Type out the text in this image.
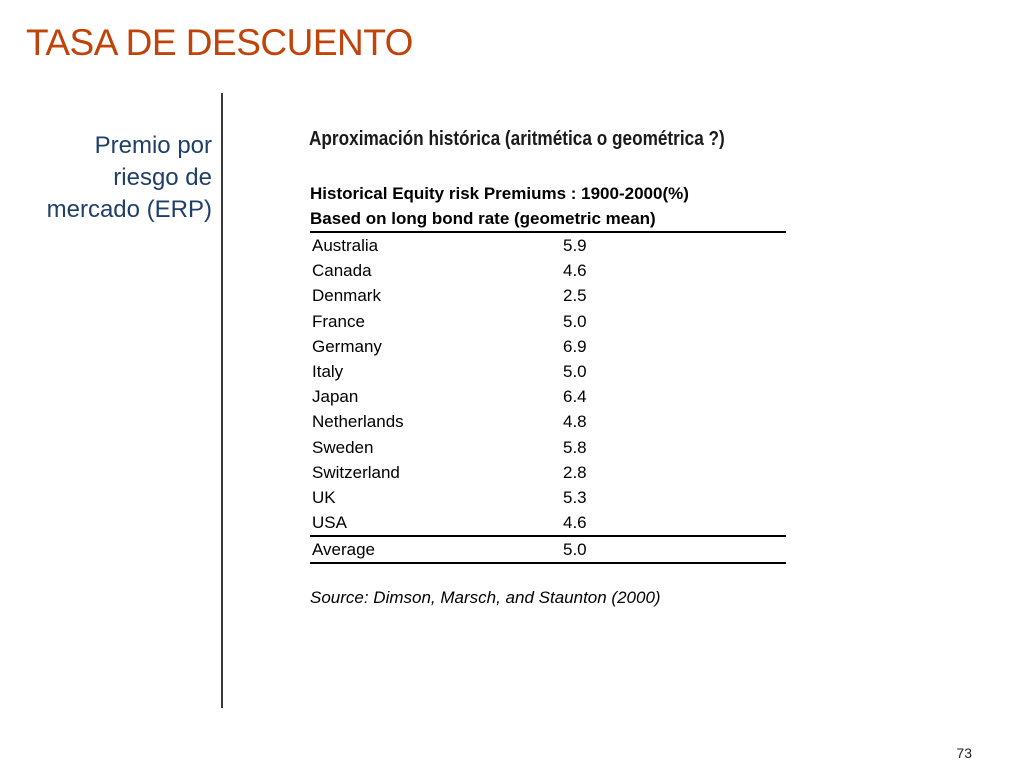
TASA DE DESCUENTO
Premio por
riesgo de
mercado (ERP)
Aproximación histórica (aritmética o geométrica ?)
Historical Equity risk Premiums : 1900-2000(%)
Based on long bond rate (geometric mean)
Australia	5.9
Canada	4.6
Denmark	2.5
France	5.0
Germany	6.9
Italy	5.0
Japan	6.4
Netherlands	4.8
Sweden	5.8
Switzerland	2.8
UK	5.3
USA	4.6
Average	5.0
Source: Dimson, Marsch, and Staunton (2000)
73
